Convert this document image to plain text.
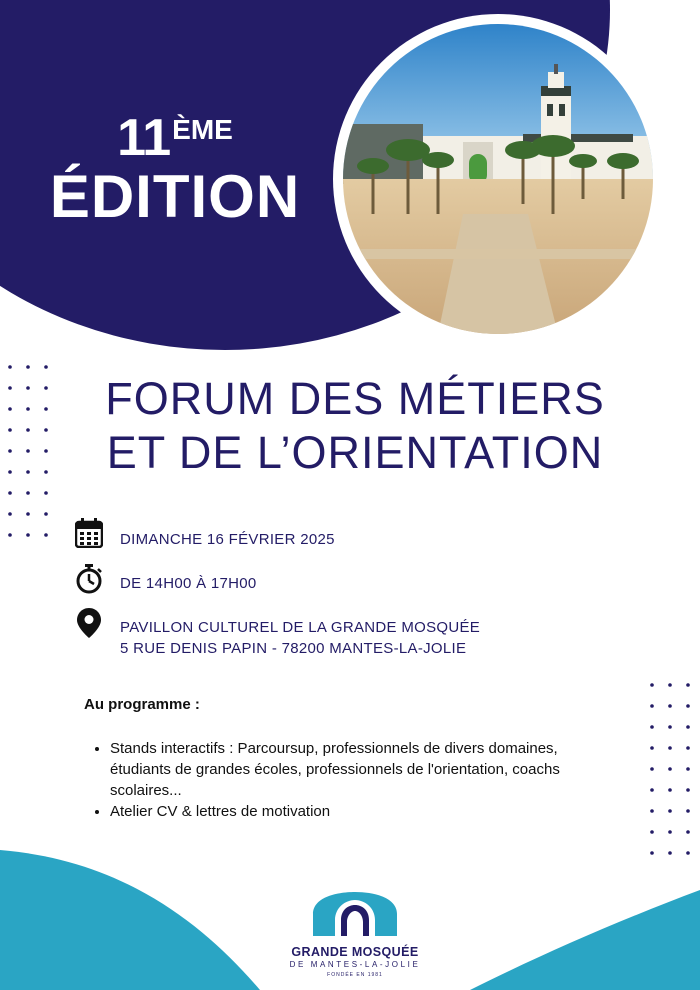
11ÈME
ÉDITION
FORUM DES MÉTIERS
ET DE L’ORIENTATION
DIMANCHE 16 FÉVRIER 2025
DE 14H00 À 17H00
PAVILLON CULTUREL DE LA GRANDE MOSQUÉE
5 RUE DENIS PAPIN - 78200 MANTES-LA-JOLIE
Au programme :
• Stands interactifs : Parcoursup, professionnels de divers domaines, étudiants de grandes écoles, professionnels de l'orientation, coachs scolaires...
• Atelier CV & lettres de motivation
GRANDE MOSQUÉE
DE MANTES-LA-JOLIE
FONDÉE EN 1981
